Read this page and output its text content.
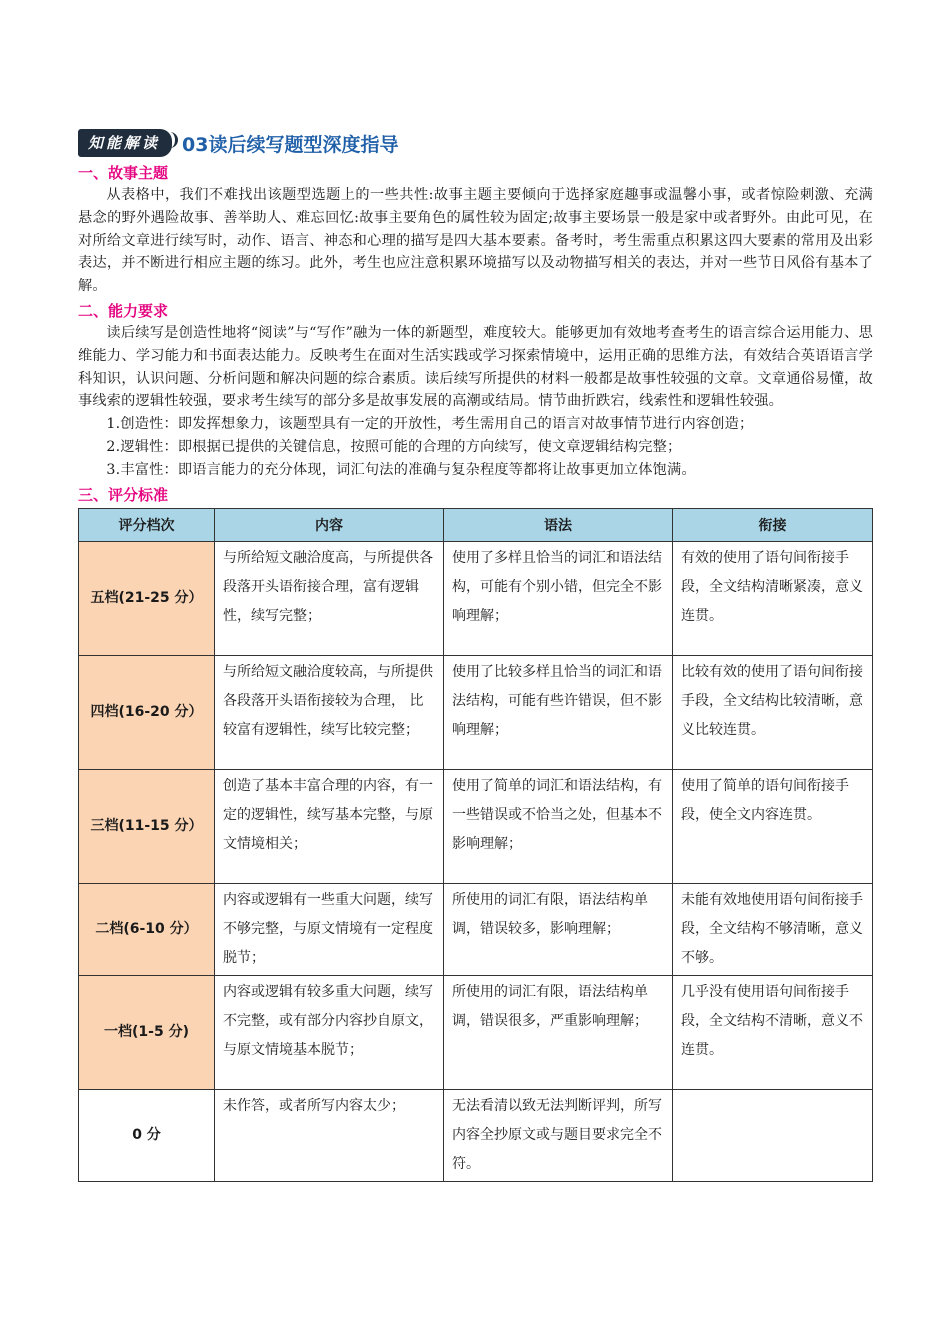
知能解读	03读后续写题型深度指导
一、故事主题

从表格中，我们不难找出该题型选题上的一些共性:故事主题主要倾向于选择家庭趣事或温馨小事，或者惊险刺激、充满悬念的野外遇险故事、善举助人、难忘回忆:故事主要角色的属性较为固定;故事主要场景一般是家中或者野外。由此可见，在对所给文章进行续写时，动作、语言、神态和心理的描写是四大基本要素。备考时，考生需重点积累这四大要素的常用及出彩表达，并不断进行相应主题的练习。此外，考生也应注意积累环境描写以及动物描写相关的表达，并对一些节日风俗有基本了解。

二、能力要求

读后续写是创造性地将“阅读”与“写作”融为一体的新题型，难度较大。能够更加有效地考查考生的语言综合运用能力、思维能力、学习能力和书面表达能力。反映考生在面对生活实践或学习探索情境中，运用正确的思维方法，有效结合英语语言学科知识，认识问题、分析问题和解决问题的综合素质。读后续写所提供的材料一般都是故事性较强的文章。文章通俗易懂，故事线索的逻辑性较强，要求考生续写的部分多是故事发展的高潮或结局。情节曲折跌宕，线索性和逻辑性较强。

1.创造性：即发挥想象力，该题型具有一定的开放性，考生需用自己的语言对故事情节进行内容创造；

2.逻辑性：即根据已提供的关键信息，按照可能的合理的方向续写，使文章逻辑结构完整；

3.丰富性：即语言能力的充分体现，词汇句法的准确与复杂程度等都将让故事更加立体饱满。

三、评分标准
评分档次	内容	语法	衔接
五档(21-25 分）	与所给短文融洽度高，与所提供各段落开头语衔接合理，富有逻辑性，续写完整；	使用了多样且恰当的词汇和语法结构，可能有个别小错，但完全不影响理解；	有效的使用了语句间衔接手段，全文结构清晰紧凑，意义连贯。
四档(16-20 分）	与所给短文融洽度较高，与所提供各段落开头语衔接较为合理， 比较富有逻辑性，续写比较完整；	使用了比较多样且恰当的词汇和语法结构，可能有些许错误，但不影响理解；	比较有效的使用了语句间衔接手段，全文结构比较清晰，意义比较连贯。
三档(11-15 分）	创造了基本丰富合理的内容，有一定的逻辑性，续写基本完整，与原文情境相关；	使用了简单的词汇和语法结构，有一些错误或不恰当之处，但基本不影响理解；	使用了简单的语句间衔接手段，使全文内容连贯。
二档(6-10 分）	内容或逻辑有一些重大问题，续写不够完整，与原文情境有一定程度脱节；	所使用的词汇有限，语法结构单调，错误较多，影响理解；	未能有效地使用语句间衔接手段，全文结构不够清晰，意义不够。
一档(1-5 分)	内容或逻辑有较多重大问题，续写不完整，或有部分内容抄自原文，与原文情境基本脱节；	所使用的词汇有限，语法结构单调，错误很多，严重影响理解；	几乎没有使用语句间衔接手段，全文结构不清晰，意义不连贯。
0 分	未作答，或者所写内容太少；	无法看清以致无法判断评判，所写内容全抄原文或与题目要求完全不符。	
